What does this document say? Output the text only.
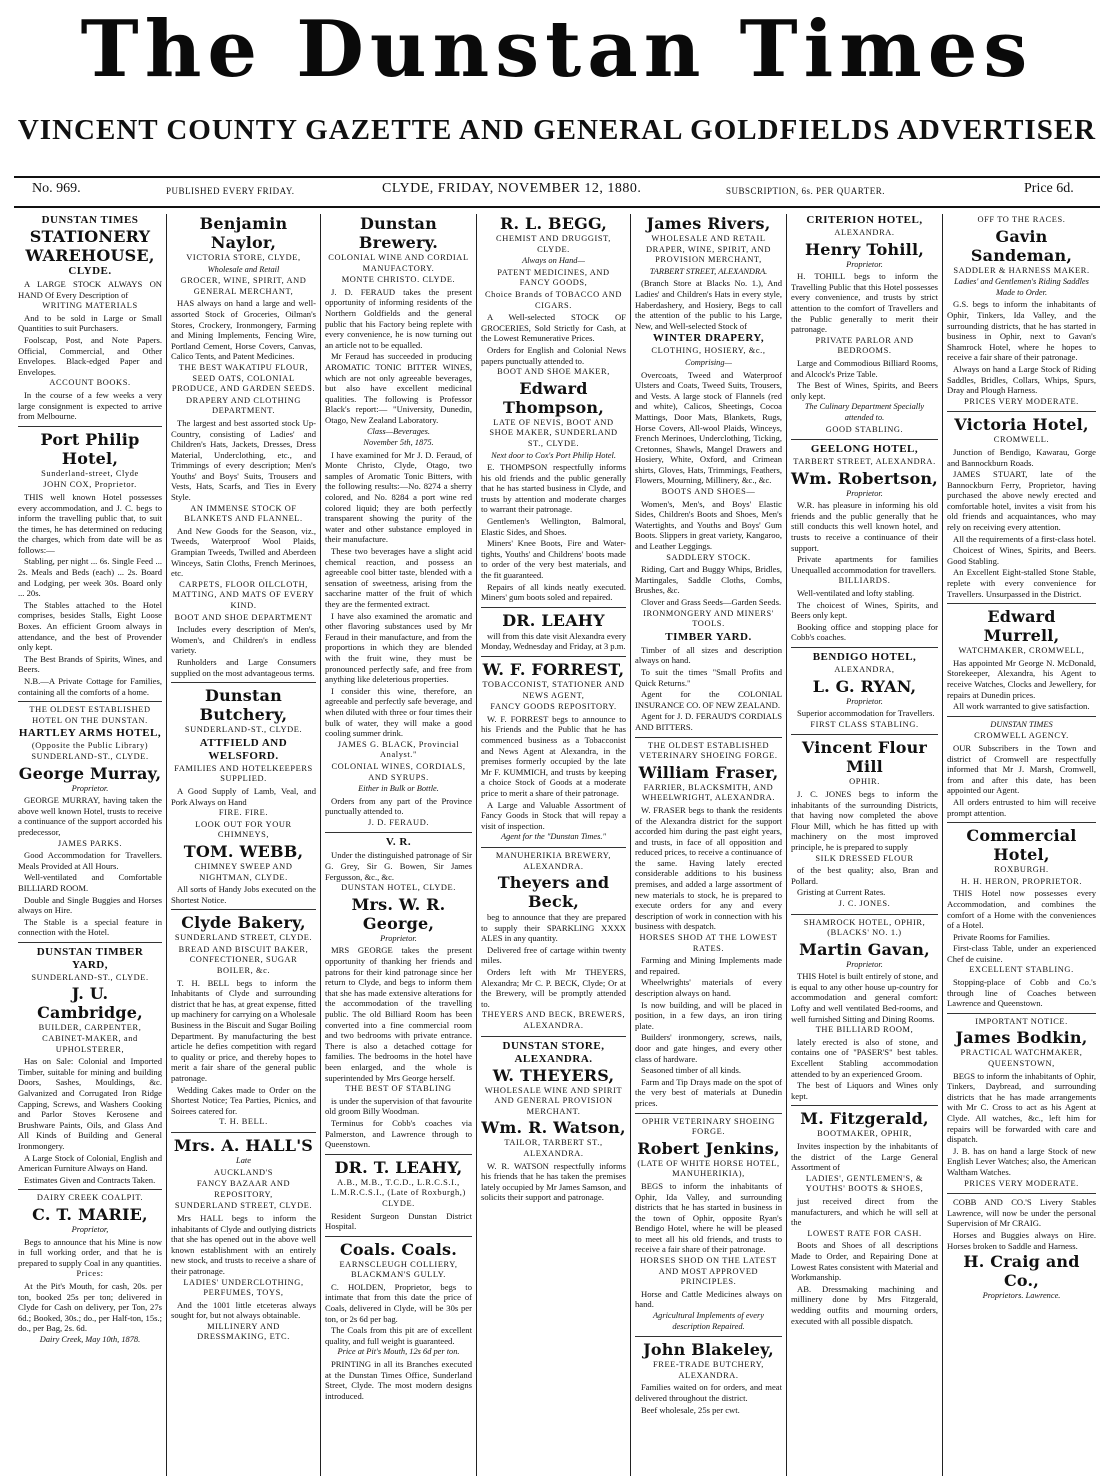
The Dunstan Times
VINCENT COUNTY GAZETTE AND GENERAL GOLDFIELDS ADVERTISER
No. 969.	PUBLISHED EVERY FRIDAY.	CLYDE, FRIDAY, NOVEMBER 12, 1880.	SUBSCRIPTION, 6s. PER QUARTER.	Price 6d.
DUNSTAN TIMES
STATIONERY WAREHOUSE,
CLYDE.

A LARGE STOCK ALWAYS ON HAND Of Every Description of

WRITING MATERIALS

And to be sold in Large or Small Quantities to suit Purchasers.

Foolscap, Post, and Note Papers. Official, Commercial, and Other Envelopes. Black-edged Paper and Envelopes.

ACCOUNT BOOKS.

In the course of a few weeks a very large consignment is expected to arrive from Melbourne.

Port Philip Hotel,
Sunderland-street, Clyde
JOHN COX, Proprietor.

THIS well known Hotel possesses every accommodation, and J. C. begs to inform the travelling public that, to suit the times, he has determined on reducing the charges, which from date will be as follows:—

Stabling, per night ... 6s. Single Feed ... 2s. Meals and Beds (each) ... 2s. Board and Lodging, per week 30s. Board only ... 20s.

The Stables attached to the Hotel comprises, besides Stalls, Eight Loose Boxes. An efficient Groom always in attendance, and the best of Provender only kept.

The Best Brands of Spirits, Wines, and Beers.

N.B.—A Private Cottage for Families, containing all the comforts of a home.

THE OLDEST ESTABLISHED HOTEL ON THE DUNSTAN.
HARTLEY ARMS HOTEL,
(Opposite the Public Library) SUNDERLAND-ST., CLYDE.
George Murray,
Proprietor.

GEORGE MURRAY, having taken the above well known Hotel, trusts to receive a continuance of the support accorded his predecessor,

JAMES PARKS.

Good Accommodation for Travellers. Meals Provided at All Hours.

Well-ventilated and Comfortable BILLIARD ROOM.

Double and Single Buggies and Horses always on Hire.

The Stable is a special feature in connection with the Hotel.

DUNSTAN TIMBER YARD,
SUNDERLAND-ST., CLYDE.
J. U. Cambridge,
BUILDER, CARPENTER, CABINET-MAKER, and UPHOLSTERER,

Has on Sale: Colonial and Imported Timber, suitable for mining and building Doors, Sashes, Mouldings, &c. Galvanized and Corrugated Iron Ridge Capping, Screws, and Washers Cooking and Parlor Stoves Kerosene and Brushware Paints, Oils, and Glass And All Kinds of Building and General Ironmongery.

A Large Stock of Colonial, English and American Furniture Always on Hand.

Estimates Given and Contracts Taken.

DAIRY CREEK COALPIT.
C. T. MARIE,
Proprietor,

Begs to announce that his Mine is now in full working order, and that he is prepared to supply Coal in any quantities.

Prices:

At the Pit's Mouth, for cash, 20s. per ton, booked 25s per ton; delivered in Clyde for Cash on delivery, per Ton, 27s 6d.; Booked, 30s.; do., per Half-ton, 15s.; do., per Bag, 2s. 6d.

Dairy Creek, May 10th, 1878.
Benjamin Naylor,
VICTORIA STORE, CLYDE,
Wholesale and Retail
GROCER, WINE, SPIRIT, AND GENERAL MERCHANT,

HAS always on hand a large and well-assorted Stock of Groceries, Oilman's Stores, Crockery, Ironmongery, Farming and Mining Implements, Fencing Wire, Portland Cement, Horse Covers, Canvas, Calico Tents, and Patent Medicines.

THE BEST WAKATIPU FLOUR, SEED OATS, COLONIAL PRODUCE, AND GARDEN SEEDS.
DRAPERY AND CLOTHING DEPARTMENT.

The largest and best assorted stock Up-Country, consisting of Ladies' and Children's Hats, Jackets, Dresses, Dress Material, Underclothing, etc., and Trimmings of every description; Men's Youths' and Boys' Suits, Trousers and Vests, Hats, Scarfs, and Ties in Every Style.

AN IMMENSE STOCK OF BLANKETS AND FLANNEL.

And New Goods for the Season, viz., Tweeds, Waterproof Wool Plaids, Grampian Tweeds, Twilled and Aberdeen Winceys, Satin Cloths, French Merinoes, etc.

CARPETS, FLOOR OILCLOTH, MATTING, AND MATS OF EVERY KIND.
BOOT AND SHOE DEPARTMENT

Includes every description of Men's, Women's, and Children's in endless variety.

Runholders and Large Consumers supplied on the most advantageous terms.

Dunstan Butchery,
SUNDERLAND-ST., CLYDE.
ATTFIELD AND WELSFORD.
FAMILIES AND HOTELKEEPERS SUPPLIED.

A Good Supply of Lamb, Veal, and Pork Always on Hand

FIRE. FIRE.
LOOK OUT FOR YOUR CHIMNEYS,
TOM. WEBB,
CHIMNEY SWEEP AND NIGHTMAN, CLYDE.

All sorts of Handy Jobs executed on the Shortest Notice.

Clyde Bakery,
SUNDERLAND STREET, CLYDE.
BREAD AND BISCUIT BAKER, CONFECTIONER, SUGAR BOILER, &c.

T. H. BELL begs to inform the Inhabitants of Clyde and surrounding district that he has, at great expense, fitted up machinery for carrying on a Wholesale Business in the Biscuit and Sugar Boiling Department. By manufacturing the best article he defies competition with regard to quality or price, and thereby hopes to merit a fair share of the general public patronage.

Wedding Cakes made to Order on the Shortest Notice; Tea Parties, Picnics, and Soirees catered for.

T. H. BELL.
Mrs. A. HALL'S
Late
AUCKLAND'S
FANCY BAZAAR AND REPOSITORY,
SUNDERLAND STREET, CLYDE.

Mrs HALL begs to inform the inhabitants of Clyde and outlying districts that she has opened out in the above well known establishment with an entirely new stock, and trusts to receive a share of their patronage.

LADIES' UNDERCLOTHING, PERFUMES, TOYS,

And the 1001 little etceteras always sought for, but not always obtainable.

MILLINERY AND DRESSMAKING, ETC.
Dunstan Brewery.
COLONIAL WINE AND CORDIAL MANUFACTORY.
MONTE CHRISTO. CLYDE.

J. D. FERAUD takes the present opportunity of informing residents of the Northern Goldfields and the general public that his Factory being replete with every convenience, he is now turning out an article not to be equalled.

Mr Feraud has succeeded in producing AROMATIC TONIC BITTER WINES, which are not only agreeable beverages, but also have excellent medicinal qualities. The following is Professor Black's report:— "University, Dunedin, Otago, New Zealand Laboratory.

Class—Beverages.
November 5th, 1875.

I have examined for Mr J. D. Feraud, of Monte Christo, Clyde, Otago, two samples of Aromatic Tonic Bitters, with the following results:—No. 8274 a sherry colored, and No. 8284 a port wine red colored liquid; they are both perfectly transparent showing the purity of the water and other substance employed in their manufacture.

These two beverages have a slight acid chemical reaction, and possess an agreeable cool bitter taste, blended with a sensation of sweetness, arising from the saccharine matter of the fruit of which they are the fermented extract.

I have also examined the aromatic and other flavoring substances used by Mr Feraud in their manufacture, and from the proportions in which they are blended with the fruit wine, they must be pronounced perfectly safe, and free from anything like deleterious properties.

I consider this wine, therefore, an agreeable and perfectly safe beverage, and when diluted with three or four times their bulk of water, they will make a good cooling summer drink.

JAMES G. BLACK, Provincial Analyst."
COLONIAL WINES, CORDIALS, AND SYRUPS.
Either in Bulk or Bottle.

Orders from any part of the Province punctually attended to.

J. D. FERAUD.
V. R.

Under the distinguished patronage of Sir G. Grey, Sir G. Bowen, Sir James Fergusson, &c., &c.

DUNSTAN HOTEL, CLYDE.
Mrs. W. R. George,
Proprietor.

MRS GEORGE takes the present opportunity of thanking her friends and patrons for their kind patronage since her return to Clyde, and begs to inform them that she has made extensive alterations for the accommodation of the travelling public. The old Billiard Room has been converted into a fine commercial room and two bedrooms with private entrance. There is also a detached cottage for families. The bedrooms in the hotel have been enlarged, and the whole is superintended by Mrs George herself.

THE BEST OF STABLING

is under the supervision of that favourite old groom Billy Woodman.

Terminus for Cobb's coaches via Palmerston, and Lawrence through to Queenstown.

DR. T. LEAHY,
A.B., M.B., T.C.D., L.R.C.S.I., L.M.R.C.S.I., (Late of Roxburgh,) CLYDE.

Resident Surgeon Dunstan District Hospital.

Coals. Coals.
EARNSCLEUGH COLLIERY, BLACKMAN'S GULLY.

C. HOLDEN, Proprietor, begs to intimate that from this date the price of Coals, delivered in Clyde, will be 30s per ton, or 2s 6d per bag.

The Coals from this pit are of excellent quality, and full weight is guaranteed.

Price at Pit's Mouth, 12s 6d per ton.

PRINTING in all its Branches executed at the Dunstan Times Office, Sunderland Street, Clyde. The most modern designs introduced.

R. L. BEGG,
CHEMIST AND DRUGGIST, CLYDE.
Always on Hand—
PATENT MEDICINES, AND FANCY GOODS,
Choice Brands of TOBACCO AND CIGARS.

A Well-selected STOCK OF GROCERIES, Sold Strictly for Cash, at the Lowest Remunerative Prices.

Orders for English and Colonial News papers punctually attended to.

BOOT AND SHOE MAKER,
Edward Thompson,
LATE OF NEVIS, BOOT AND SHOE MAKER, SUNDERLAND ST., CLYDE.
Next door to Cox's Port Philip Hotel.

E. THOMPSON respectfully informs his old friends and the public generally that he has started business in Clyde, and trusts by attention and moderate charges to warrant their patronage.

Gentlemen's Wellington, Balmoral, Elastic Sides, and Shoes.

Miners' Knee Boots, Fire and Water-tights, Youths' and Childrens' boots made to order of the very best materials, and the fit guaranteed.

Repairs of all kinds neatly executed. Miners' gum boots soled and repaired.

DR. LEAHY

will from this date visit Alexandra every Monday, Wednesday and Friday, at 3 p.m.

W. F. FORREST,
TOBACCONIST, STATIONER AND NEWS AGENT,
FANCY GOODS REPOSITORY.

W. F. FORREST begs to announce to his Friends and the Public that he has commenced business as a Tobacconist and News Agent at Alexandra, in the premises formerly occupied by the late Mr F. KUMMICH, and trusts by keeping a choice Stock of Goods at a moderate price to merit a share of their patronage.

A Large and Valuable Assortment of Fancy Goods in Stock that will repay a visit of inspection.

Agent for the "Dunstan Times."
MANUHERIKIA BREWERY, ALEXANDRA.
Theyers and Beck,

beg to announce that they are prepared to supply their SPARKLING XXXX ALES in any quantity.

Delivered free of cartage within twenty miles.

Orders left with Mr THEYERS, Alexandra; Mr C. P. BECK, Clyde; Or at the Brewery, will be promptly attended to.

THEYERS AND BECK, BREWERS, ALEXANDRA.
DUNSTAN STORE, ALEXANDRA.
W. THEYERS,
WHOLESALE WINE AND SPIRIT AND GENERAL PROVISION MERCHANT.
Wm. R. Watson,
TAILOR, TARBERT ST., ALEXANDRA.

W. R. WATSON respectfully informs his friends that he has taken the premises lately occupied by Mr James Samson, and solicits their support and patronage.

James Rivers,
WHOLESALE AND RETAIL DRAPER, WINE, SPIRIT, AND PROVISION MERCHANT,
TARBERT STREET, ALEXANDRA.

(Branch Store at Blacks No. 1.), And Ladies' and Children's Hats in every style, Haberdashery, and Hosiery, Begs to call the attention of the public to his Large, New, and Well-selected Stock of

WINTER DRAPERY,
CLOTHING, HOSIERY, &c.,
Comprising—

Overcoats, Tweed and Waterproof Ulsters and Coats, Tweed Suits, Trousers, and Vests. A large stock of Flannels (red and white), Calicos, Sheetings, Cocoa Mattings, Door Mats, Blankets, Rugs, Horse Covers, All-wool Plaids, Winceys, French Merinoes, Underclothing, Ticking, Cretonnes, Shawls, Mangel Drawers and Hosiery, White, Oxford, and Crimean shirts, Gloves, Hats, Trimmings, Feathers, Flowers, Mourning, Millinery, &c., &c.

BOOTS AND SHOES—

Women's, Men's, and Boys' Elastic Sides, Children's Boots and Shoes, Men's Watertights, and Youths and Boys' Gum Boots. Slippers in great variety, Kangaroo, and Leather Leggings.

SADDLERY STOCK.

Riding, Cart and Buggy Whips, Bridles, Martingales, Saddle Cloths, Combs, Brushes, &c.

Clover and Grass Seeds—Garden Seeds.

IRONMONGERY AND MINERS' TOOLS.
TIMBER YARD.

Timber of all sizes and description always on hand.

To suit the times "Small Profits and Quick Returns."

Agent for the COLONIAL INSURANCE CO. OF NEW ZEALAND.

Agent for J. D. FERAUD'S CORDIALS AND BITTERS.

THE OLDEST ESTABLISHED VETERINARY SHOEING FORGE.
William Fraser,
FARRIER, BLACKSMITH, AND WHEELWRIGHT, ALEXANDRA.

W. FRASER begs to thank the residents of the Alexandra district for the support accorded him during the past eight years, and trusts, in face of all opposition and reduced prices, to receive a continuance of the same. Having lately erected considerable additions to his business premises, and added a large assortment of new materials to stock, he is prepared to execute orders for any and every description of work in connection with his business with despatch.

HORSES SHOD AT THE LOWEST RATES.

Farming and Mining Implements made and repaired.

Wheelwrights' materials of every description always on hand.

Is now building, and will be placed in position, in a few days, an iron tiring plate.

Builders' ironmongery, screws, nails, door and gate hinges, and every other class of hardware.

Seasoned timber of all kinds.

Farm and Tip Drays made on the spot of the very best of materials at Dunedin prices.

OPHIR VETERINARY SHOEING FORGE.
Robert Jenkins,
(LATE OF WHITE HORSE HOTEL, MANUHERIKIA),

BEGS to inform the inhabitants of Ophir, Ida Valley, and surrounding districts that he has started in business in the town of Ophir, opposite Ryan's Bendigo Hotel, where he will be pleased to meet all his old friends, and trusts to receive a fair share of their patronage.

HORSES SHOD ON THE LATEST AND MOST APPROVED PRINCIPLES.

Horse and Cattle Medicines always on hand.

Agricultural Implements of every description Repaired.
John Blakeley,
FREE-TRADE BUTCHERY, ALEXANDRA.

Families waited on for orders, and meat delivered throughout the district.

Beef wholesale, 25s per cwt.

CRITERION HOTEL,
ALEXANDRA.
Henry Tohill,
Proprietor.

H. TOHILL begs to inform the Travelling Public that this Hotel possesses every convenience, and trusts by strict attention to the comfort of Travellers and the Public generally to merit their patronage.

PRIVATE PARLOR AND BEDROOMS.

Large and Commodious Billiard Rooms, and Alcock's Prize Table.

The Best of Wines, Spirits, and Beers only kept.

The Culinary Department Specially attended to.
GOOD STABLING.
GEELONG HOTEL,
TARBERT STREET, ALEXANDRA.
Wm. Robertson,
Proprietor.

W.R. has pleasure in informing his old friends and the public generally that he still conducts this well known hotel, and trusts to receive a continuance of their support.

Private apartments for families Unequalled accommodation for travellers.

BILLIARDS.

Well-ventilated and lofty stabling.

The choicest of Wines, Spirits, and Beers only kept.

Booking office and stopping place for Cobb's coaches.

BENDIGO HOTEL,
ALEXANDRA,
L. G. RYAN,
Proprietor.

Superior accommodation for Travellers.

FIRST CLASS STABLING.
Vincent Flour Mill
OPHIR.

J. C. JONES begs to inform the inhabitants of the surrounding Districts, that having now completed the above Flour Mill, which he has fitted up with machinery on the most improved principle, he is prepared to supply

SILK DRESSED FLOUR

of the best quality; also, Bran and Pollard.

Gristing at Current Rates.

J. C. JONES.
SHAMROCK HOTEL, OPHIR, (BLACKS' NO. 1.)
Martin Gavan,
Proprietor.

THIS Hotel is built entirely of stone, and is equal to any other house up-country for accommodation and general comfort: Lofty and well ventilated Bed-rooms, and well furnished Sitting and Dining Rooms.

THE BILLIARD ROOM,

lately erected is also of stone, and contains one of "PASER'S" best tables. Excellent Stabling accommodation attended to by an experienced Groom.

The best of Liquors and Wines only kept.

M. Fitzgerald,
BOOTMAKER, OPHIR,

Invites inspection by the inhabitants of the district of the Large General Assortment of

LADIES', GENTLEMEN'S, & YOUTHS' BOOTS & SHOES,

just received direct from the manufacturers, and which he will sell at the

LOWEST RATE FOR CASH.

Boots and Shoes of all descriptions Made to Order, and Repairing Done at Lowest Rates consistent with Material and Workmanship.

AB. Dressmaking machining and millinery done by Mrs Fitzgerald, wedding outfits and mourning orders, executed with all possible dispatch.

OFF TO THE RACES.
Gavin Sandeman,
SADDLER & HARNESS MAKER.
Ladies' and Gentlemen's Riding Saddles Made to Order.

G.S. begs to inform the inhabitants of Ophir, Tinkers, Ida Valley, and the surrounding districts, that he has started in business in Ophir, next to Gavan's Shamrock Hotel, where he hopes to receive a fair share of their patronage.

Always on hand a Large Stock of Riding Saddles, Bridles, Collars, Whips, Spurs, Dray and Plough Harness.

PRICES VERY MODERATE.
Victoria Hotel,
CROMWELL.

Junction of Bendigo, Kawarau, Gorge and Bannockburn Roads.

JAMES STUART, late of the Bannockburn Ferry, Proprietor, having purchased the above newly erected and comfortable hotel, invites a visit from his old friends and acquaintances, who may rely on receiving every attention.

All the requirements of a first-class hotel.

Choicest of Wines, Spirits, and Beers. Good Stabling.

An Excellent Eight-stalled Stone Stable, replete with every convenience for Travellers. Unsurpassed in the District.

Edward Murrell,
WATCHMAKER, CROMWELL,

Has appointed Mr George N. McDonald, Storekeeper, Alexandra, his Agent to receive Watches, Clocks and Jewellery, for repairs at Dunedin prices.

All work warranted to give satisfaction.

DUNSTAN TIMES
CROMWELL AGENCY.

OUR Subscribers in the Town and district of Cromwell are respectfully informed that Mr J. Marsh, Cromwell, from and after this date, has been appointed our Agent.

All orders entrusted to him will receive prompt attention.

Commercial Hotel,
ROXBURGH.
H. H. HERON, PROPRIETOR.

THIS Hotel now possesses every Accommodation, and combines the comfort of a Home with the conveniences of a Hotel.

Private Rooms for Families.

First-class Table, under an experienced Chef de cuisine.

EXCELLENT STABLING.

Stopping-place of Cobb and Co.'s through line of Coaches between Lawrence and Queenstown.

IMPORTANT NOTICE.
James Bodkin,
PRACTICAL WATCHMAKER, QUEENSTOWN,

BEGS to inform the inhabitants of Ophir, Tinkers, Daybread, and surrounding districts that he has made arrangements with Mr C. Cross to act as his Agent at Clyde. All watches, &c., left him for repairs will be forwarded with care and dispatch.

J. B. has on hand a large Stock of new English Lever Watches; also, the American Waltham Watches.

PRICES VERY MODERATE.

COBB AND CO.'S Livery Stables Lawrence, will now be under the personal Supervision of Mr CRAIG.

Horses and Buggies always on Hire. Horses broken to Saddle and Harness.

H. Craig and Co.,
Proprietors. Lawrence.
